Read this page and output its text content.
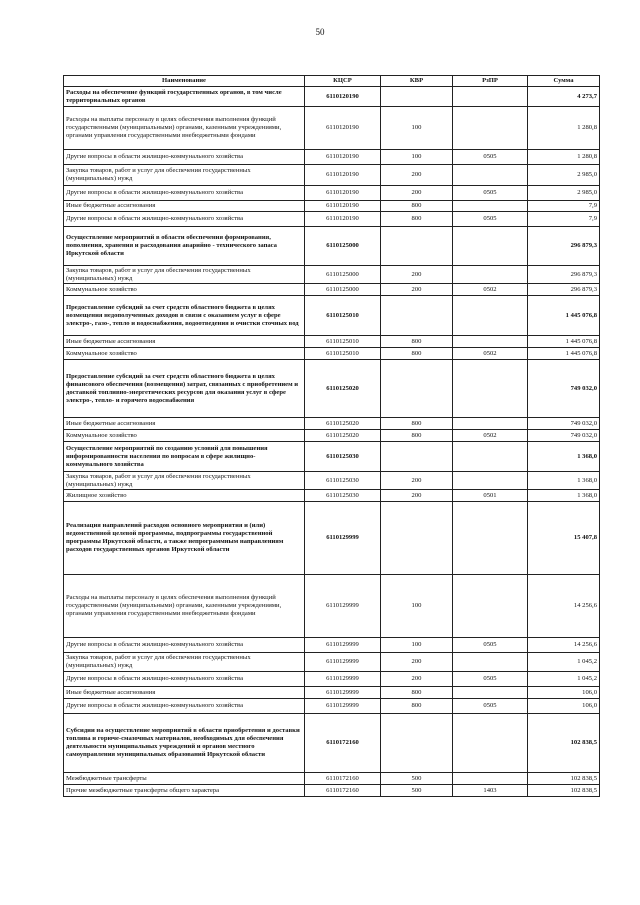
50
Наименование	КЦСР	КВР	РзПР	Сумма
Расходы на обеспечение функций государственных органов, в том числе территориальных органов	6110120190			4 273,7
Расходы на выплаты персоналу в целях обеспечения выполнения функций государственными (муниципальными) органами, казенными учреждениями, органами управления государственными внебюджетными фондами	6110120190	100		1 280,8
Другие вопросы в области жилищно-коммунального хозяйства	6110120190	100	0505	1 280,8
Закупка товаров, работ и услуг для обеспечения государственных (муниципальных) нужд	6110120190	200		2 985,0
Другие вопросы в области жилищно-коммунального хозяйства	6110120190	200	0505	2 985,0
Иные бюджетные ассигнования	6110120190	800		7,9
Другие вопросы в области жилищно-коммунального хозяйства	6110120190	800	0505	7,9
Осуществление мероприятий в области обеспечения формирования, пополнения, хранения и расходования аварийно - технического запаса Иркутской области	6110125000			296 879,3
Закупка товаров, работ и услуг для обеспечения государственных (муниципальных) нужд	6110125000	200		296 879,3
Коммунальное хозяйство	6110125000	200	0502	296 879,3
Предоставление субсидий за счет средств областного бюджета в целях возмещения недополученных доходов в связи с оказанием услуг в сфере электро-, газо-, тепло и водоснабжения, водоотведения и очистки сточных вод	6110125010			1 445 076,8
Иные бюджетные ассигнования	6110125010	800		1 445 076,8
Коммунальное хозяйство	6110125010	800	0502	1 445 076,8
Предоставление субсидий за счет средств областного бюджета в целях финансового обеспечения (возмещения) затрат, связанных с приобретением и доставкой топливно-энергетических ресурсов для оказания услуг в сфере электро-, тепло- и горячего водоснабжения	6110125020			749 032,0
Иные бюджетные ассигнования	6110125020	800		749 032,0
Коммунальное хозяйство	6110125020	800	0502	749 032,0
Осуществление мероприятий по созданию условий для повышения информированности населения по вопросам в сфере жилищно-коммунального хозяйства	6110125030			1 368,0
Закупка товаров, работ и услуг для обеспечения государственных (муниципальных) нужд	6110125030	200		1 368,0
Жилищное хозяйство	6110125030	200	0501	1 368,0
Реализация направлений расходов основного мероприятия и (или) ведомственной целевой программы, подпрограммы государственной программы Иркутской области, а также непрограммным направлениям расходов государственных органов Иркутской области	6110129999			15 407,8
Расходы на выплаты персоналу в целях обеспечения выполнения функций государственными (муниципальными) органами, казенными учреждениями, органами управления государственными внебюджетными фондами	6110129999	100		14 256,6
Другие вопросы в области жилищно-коммунального хозяйства	6110129999	100	0505	14 256,6
Закупка товаров, работ и услуг для обеспечения государственных (муниципальных) нужд	6110129999	200		1 045,2
Другие вопросы в области жилищно-коммунального хозяйства	6110129999	200	0505	1 045,2
Иные бюджетные ассигнования	6110129999	800		106,0
Другие вопросы в области жилищно-коммунального хозяйства	6110129999	800	0505	106,0
Субсидии на осуществление мероприятий в области приобретения и доставки топлива и горюче-смазочных материалов, необходимых для обеспечения деятельности муниципальных учреждений и органов местного самоуправления муниципальных образований Иркутской области	6110172160			102 838,5
Межбюджетные трансферты	6110172160	500		102 838,5
Прочие межбюджетные трансферты общего характера	6110172160	500	1403	102 838,5
